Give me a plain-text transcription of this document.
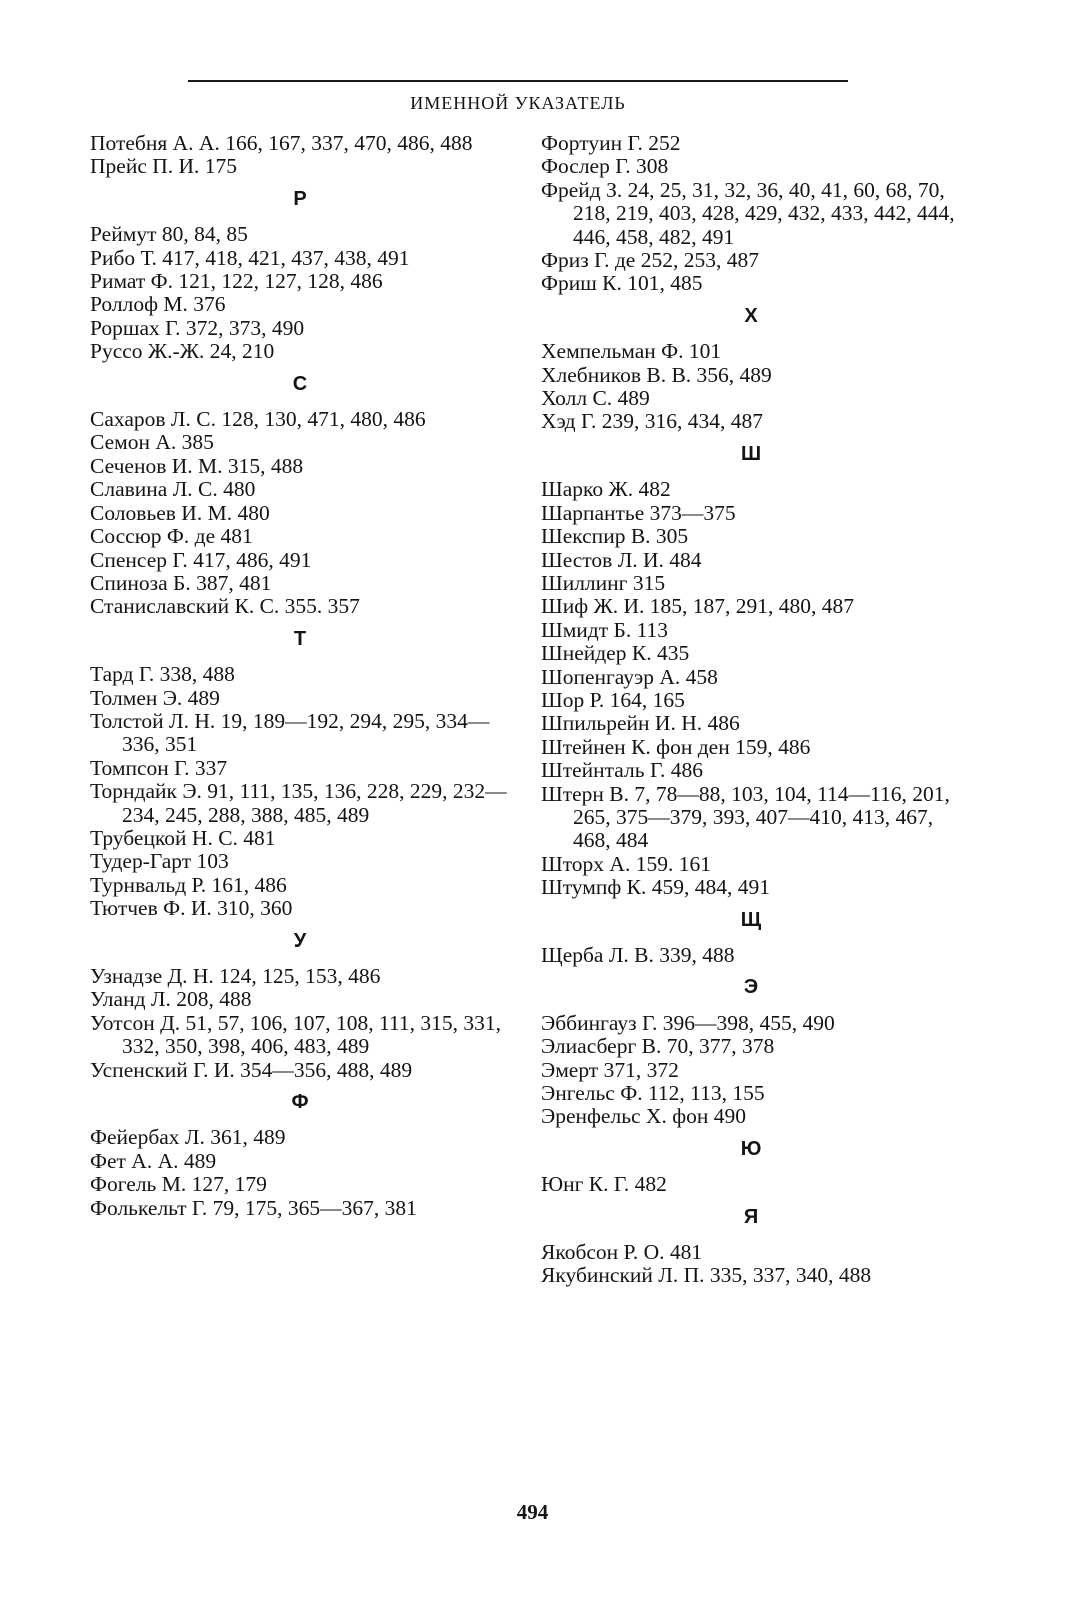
ИМЕННОЙ УКАЗАТЕЛЬ
Потебня А. А. 166, 167, 337, 470, 486, 488
Прейс П. И. 175
Р
Реймут 80, 84, 85
Рибо Т. 417, 418, 421, 437, 438, 491
Римат Ф. 121, 122, 127, 128, 486
Роллоф М. 376
Роршах Г. 372, 373, 490
Руссо Ж.-Ж. 24, 210
С
Сахаров Л. С. 128, 130, 471, 480, 486
Семон А. 385
Сеченов И. М. 315, 488
Славина Л. С. 480
Соловьев И. М. 480
Соссюр Ф. де 481
Спенсер Г. 417, 486, 491
Спиноза Б. 387, 481
Станиславский К. С. 355. 357
Т
Тард Г. 338, 488
Толмен Э. 489
Толстой Л. Н. 19, 189—192, 294, 295, 334—336, 351
Томпсон Г. 337
Торндайк Э. 91, 111, 135, 136, 228, 229, 232—234, 245, 288, 388, 485, 489
Трубецкой Н. С. 481
Тудер-Гарт 103
Турнвальд Р. 161, 486
Тютчев Ф. И. 310, 360
У
Узнадзе Д. Н. 124, 125, 153, 486
Уланд Л. 208, 488
Уотсон Д. 51, 57, 106, 107, 108, 111, 315, 331, 332, 350, 398, 406, 483, 489
Успенский Г. И. 354—356, 488, 489
Ф
Фейербах Л. 361, 489
Фет А. А. 489
Фогель М. 127, 179
Фолькельт Г. 79, 175, 365—367, 381
Фортуин Г. 252
Фослер Г. 308
Фрейд З. 24, 25, 31, 32, 36, 40, 41, 60, 68, 70, 218, 219, 403, 428, 429, 432, 433, 442, 444, 446, 458, 482, 491
Фриз Г. де 252, 253, 487
Фриш К. 101, 485
Х
Хемпельман Ф. 101
Хлебников В. В. 356, 489
Холл С. 489
Хэд Г. 239, 316, 434, 487
Ш
Шарко Ж. 482
Шарпантье 373—375
Шекспир В. 305
Шестов Л. И. 484
Шиллинг 315
Шиф Ж. И. 185, 187, 291, 480, 487
Шмидт Б. 113
Шнейдер К. 435
Шопенгауэр А. 458
Шор Р. 164, 165
Шпильрейн И. Н. 486
Штейнен К. фон ден 159, 486
Штейнталь Г. 486
Штерн В. 7, 78—88, 103, 104, 114—116, 201, 265, 375—379, 393, 407—410, 413, 467, 468, 484
Шторх А. 159. 161
Штумпф К. 459, 484, 491
Щ
Щерба Л. В. 339, 488
Э
Эббингауз Г. 396—398, 455, 490
Элиасберг В. 70, 377, 378
Эмерт 371, 372
Энгельс Ф. 112, 113, 155
Эренфельс Х. фон 490
Ю
Юнг К. Г. 482
Я
Якобсон Р. О. 481
Якубинский Л. П. 335, 337, 340, 488
494
